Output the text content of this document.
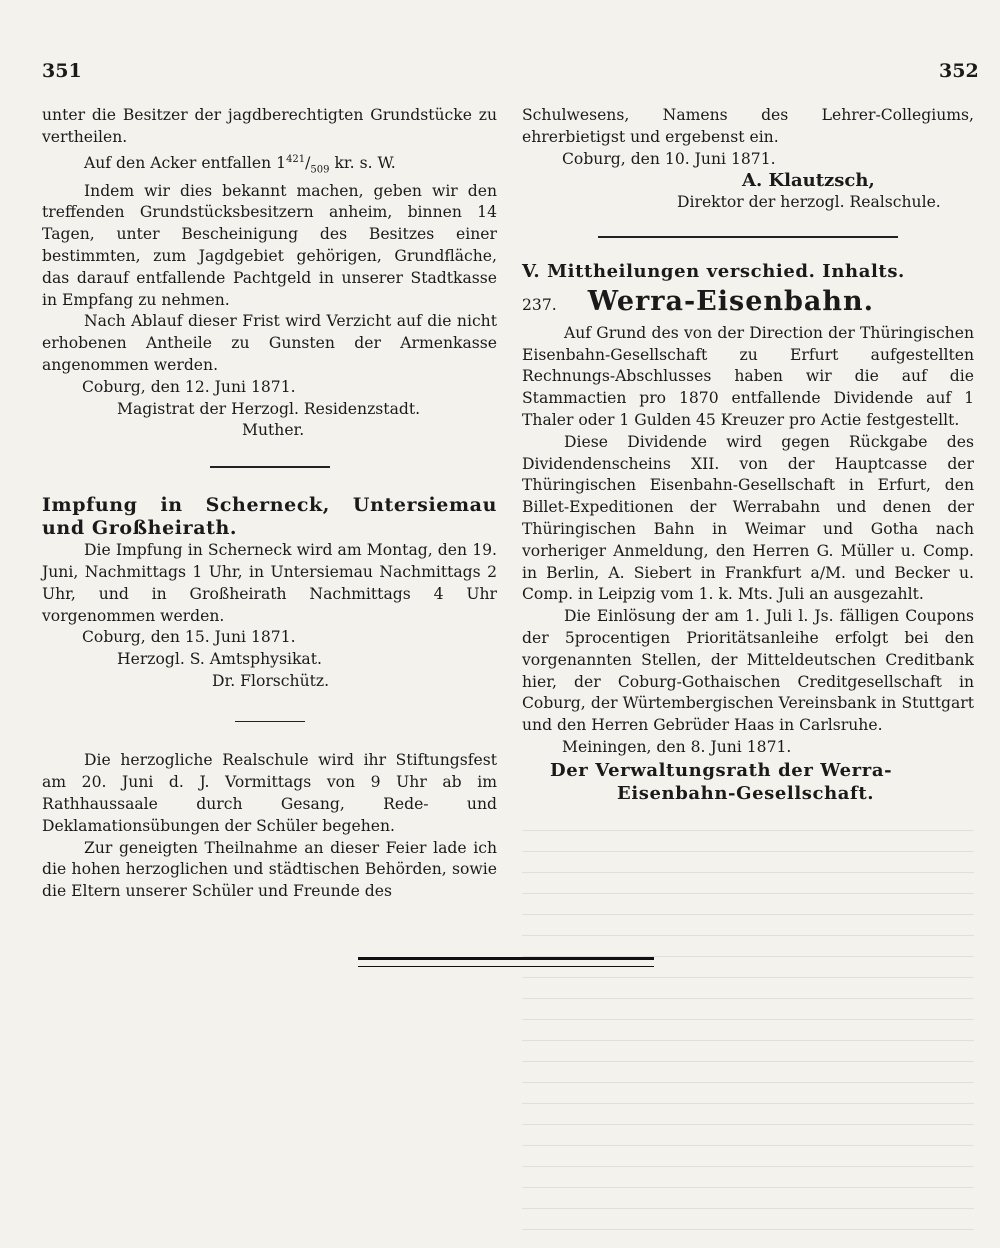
351	352

unter die Besitzer der jagdberechtigten Grundstücke zu vertheilen.

Auf den Acker entfallen $1^{421}/_{509}$ kr. s. W.

Indem wir dies bekannt machen, geben wir den treffenden Grundstücksbesitzern anheim, binnen 14 Tagen, unter Bescheinigung des Besitzes einer bestimmten, zum Jagdgebiet gehörigen, Grundfläche, das darauf entfallende Pachtgeld in unserer Stadtkasse in Empfang zu nehmen.

Nach Ablauf dieser Frist wird Verzicht auf die nicht erhobenen Antheile zu Gunsten der Armenkasse angenommen werden.

Coburg, den 12. Juni 1871.

Magistrat der Herzogl. Residenzstadt.

Muther.

Impfung in Scherneck, Untersiemau und Großheirath.

Die Impfung in Scherneck wird am Montag, den 19. Juni, Nachmittags 1 Uhr, in Untersiemau Nachmittags 2 Uhr, und in Großheirath Nachmittags 4 Uhr vorgenommen werden.

Coburg, den 15. Juni 1871.

Herzogl. S. Amtsphysikat.

Dr. Florschütz.

Die herzogliche Realschule wird ihr Stiftungsfest am 20. Juni d. J. Vormittags von 9 Uhr ab im Rathhaussaale durch Gesang, Rede- und Deklamationsübungen der Schüler begehen.

Zur geneigten Theilnahme an dieser Feier lade ich die hohen herzoglichen und städtischen Behörden, sowie die Eltern unserer Schüler und Freunde des

Schulwesens, Namens des Lehrer-Collegiums, ehrerbietigst und ergebenst ein.

Coburg, den 10. Juni 1871.

A. Klautzsch,

Direktor der herzogl. Realschule.

V. Mittheilungen verschied. Inhalts.

237. Werra-Eisenbahn.

Auf Grund des von der Direction der Thüringischen Eisenbahn-Gesellschaft zu Erfurt aufgestellten Rechnungs-Abschlusses haben wir die auf die Stammactien pro 1870 entfallende Dividende auf 1 Thaler oder 1 Gulden 45 Kreuzer pro Actie festgestellt.

Diese Dividende wird gegen Rückgabe des Dividendenscheins XII. von der Hauptcasse der Thüringischen Eisenbahn-Gesellschaft in Erfurt, den Billet-Expeditionen der Werrabahn und denen der Thüringischen Bahn in Weimar und Gotha nach vorheriger Anmeldung, den Herren G. Müller u. Comp. in Berlin, A. Siebert in Frankfurt a/M. und Becker u. Comp. in Leipzig vom 1. k. Mts. Juli an ausgezahlt.

Die Einlösung der am 1. Juli l. Js. fälligen Coupons der 5procentigen Prioritätsanleihe erfolgt bei den vorgenannten Stellen, der Mitteldeutschen Creditbank hier, der Coburg-Gothaischen Creditgesellschaft in Coburg, der Würtembergischen Vereinsbank in Stuttgart und den Herren Gebrüder Haas in Carlsruhe.

Meiningen, den 8. Juni 1871.

Der Verwaltungsrath der Werra-

Eisenbahn-Gesellschaft.
